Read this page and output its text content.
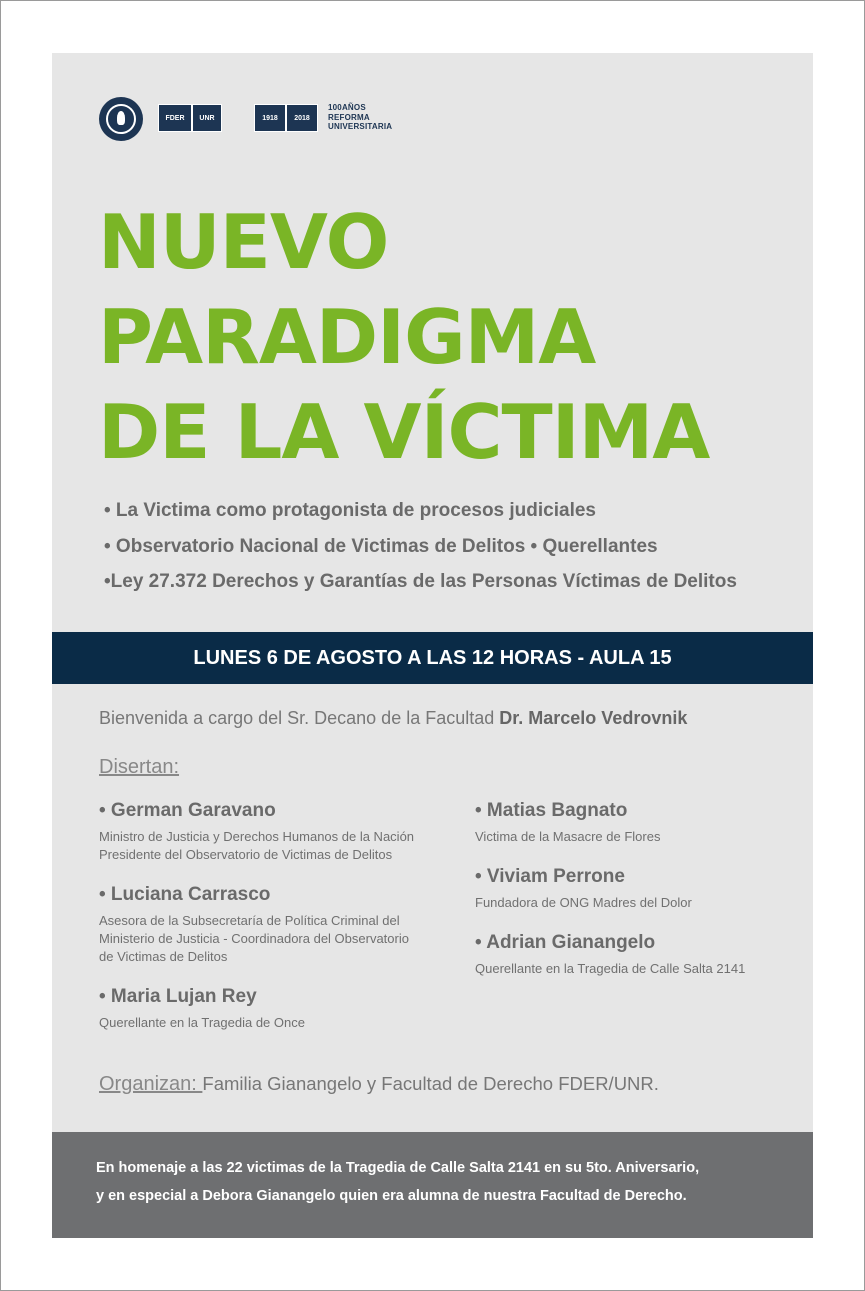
FDER	UNR	1918	2018
100AÑOS
REFORMA
UNIVERSITARIA
NUEVO
PARADIGMA
DE LA VÍCTIMA
• La Victima como protagonista de procesos judiciales
• Observatorio Nacional de Victimas de Delitos • Querellantes
•Ley 27.372 Derechos y Garantías de las Personas Víctimas de Delitos
LUNES 6 DE AGOSTO A LAS 12 HORAS - AULA 15
Bienvenida a cargo del Sr. Decano de la Facultad Dr. Marcelo Vedrovnik
Disertan:
• German Garavano
Ministro de Justicia y Derechos Humanos de la Nación
Presidente del Observatorio de Victimas de Delitos
• Luciana Carrasco
Asesora de la Subsecretaría de Política Criminal del
Ministerio de Justicia - Coordinadora del Observatorio
de Victimas de Delitos
• Maria Lujan Rey
Querellante en la Tragedia de Once
• Matias Bagnato
Victima de la Masacre de Flores
• Viviam Perrone
Fundadora de ONG Madres del Dolor
• Adrian Gianangelo
Querellante en la Tragedia de Calle Salta 2141
Organizan: Familia Gianangelo y Facultad de Derecho FDER/UNR.
En homenaje a las 22 victimas de la Tragedia de Calle Salta 2141 en su 5to. Aniversario,
y en especial a Debora Gianangelo quien era alumna de nuestra Facultad de Derecho.
